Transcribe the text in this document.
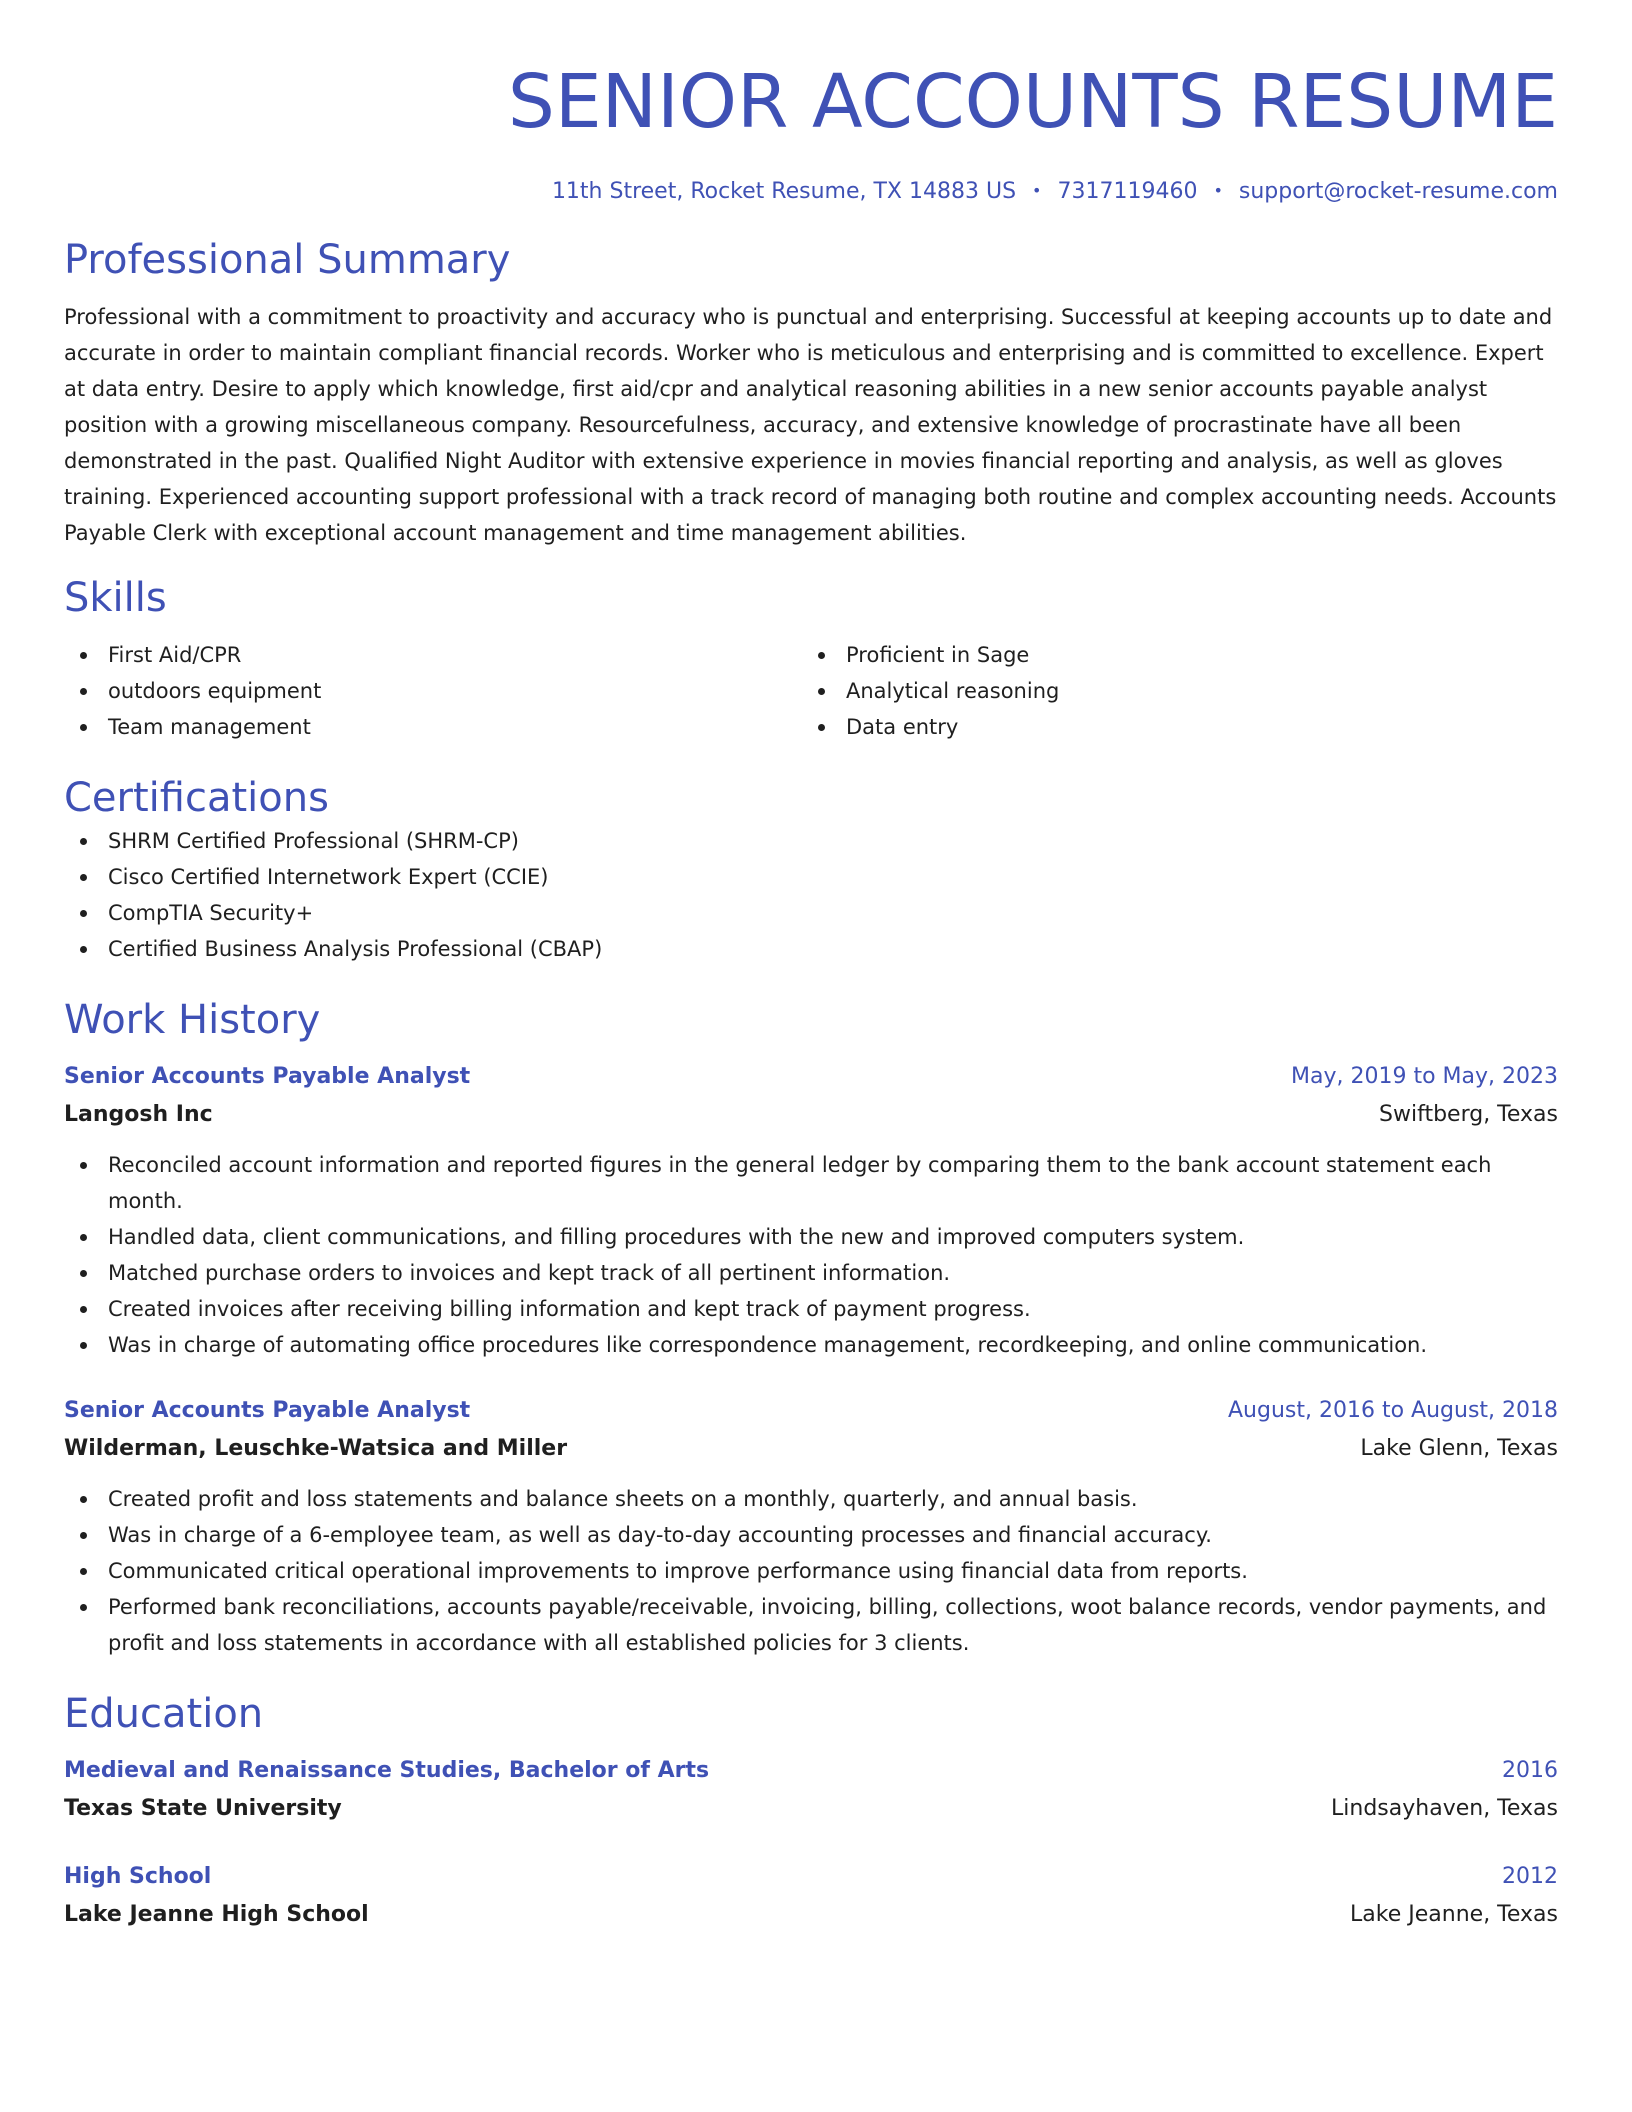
SENIOR ACCOUNTS RESUME
11th Street, Rocket Resume, TX 14883 US • 7317119460 • support@rocket-resume.com
Professional Summary
Professional with a commitment to proactivity and accuracy who is punctual and enterprising. Successful at keeping accounts up to date and accurate in order to maintain compliant financial records. Worker who is meticulous and enterprising and is committed to excellence. Expert at data entry. Desire to apply which knowledge, first aid/cpr and analytical reasoning abilities in a new senior accounts payable analyst position with a growing miscellaneous company. Resourcefulness, accuracy, and extensive knowledge of procrastinate have all been demonstrated in the past. Qualified Night Auditor with extensive experience in movies financial reporting and analysis, as well as gloves training. Experienced accounting support professional with a track record of managing both routine and complex accounting needs. Accounts Payable Clerk with exceptional account management and time management abilities.
Skills
First Aid/CPR
outdoors equipment
Team management
Proficient in Sage
Analytical reasoning
Data entry
Certifications
SHRM Certified Professional (SHRM-CP)
Cisco Certified Internetwork Expert (CCIE)
CompTIA Security+
Certified Business Analysis Professional (CBAP)
Work History
Senior Accounts Payable Analyst	May, 2019 to May, 2023
Langosh Inc	Swiftberg, Texas
Reconciled account information and reported figures in the general ledger by comparing them to the bank account statement each month.
Handled data, client communications, and filling procedures with the new and improved computers system.
Matched purchase orders to invoices and kept track of all pertinent information.
Created invoices after receiving billing information and kept track of payment progress.
Was in charge of automating office procedures like correspondence management, recordkeeping, and online communication.
Senior Accounts Payable Analyst	August, 2016 to August, 2018
Wilderman, Leuschke-Watsica and Miller	Lake Glenn, Texas
Created profit and loss statements and balance sheets on a monthly, quarterly, and annual basis.
Was in charge of a 6-employee team, as well as day-to-day accounting processes and financial accuracy.
Communicated critical operational improvements to improve performance using financial data from reports.
Performed bank reconciliations, accounts payable/receivable, invoicing, billing, collections, woot balance records, vendor payments, and profit and loss statements in accordance with all established policies for 3 clients.
Education
Medieval and Renaissance Studies, Bachelor of Arts	2016
Texas State University	Lindsayhaven, Texas
High School	2012
Lake Jeanne High School	Lake Jeanne, Texas
